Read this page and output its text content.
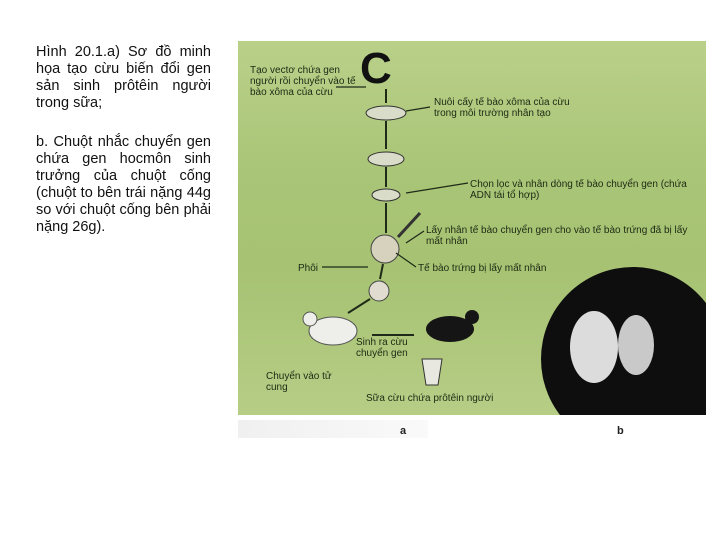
Hình 20.1.a) Sơ đồ minh họa tạo cừu biến đổi gen sản sinh prôtêin người trong sữa;

b. Chuột nhắc chuyển gen chứa gen hocmôn sinh trưởng của chuột cống (chuột to bên trái nặng 44g so với chuột cống bên phải nặng 26g).

C
Tạo vectơ chứa gen người rồi chuyển vào tế bào xôma của cừu
Nuôi cấy tế bào xôma của cừu trong môi trường nhân tạo
Chọn lọc và nhân dòng tế bào chuyển gen (chứa ADN tái tổ hợp)
Lấy nhân tế bào chuyển gen cho vào tế bào trứng đã bị lấy mất nhân
Tế bào trứng bị lấy mất nhân
Phôi
Sinh ra cừu chuyển gen
Chuyển vào tử cung
Sữa cừu chứa prôtêin người
a	b
